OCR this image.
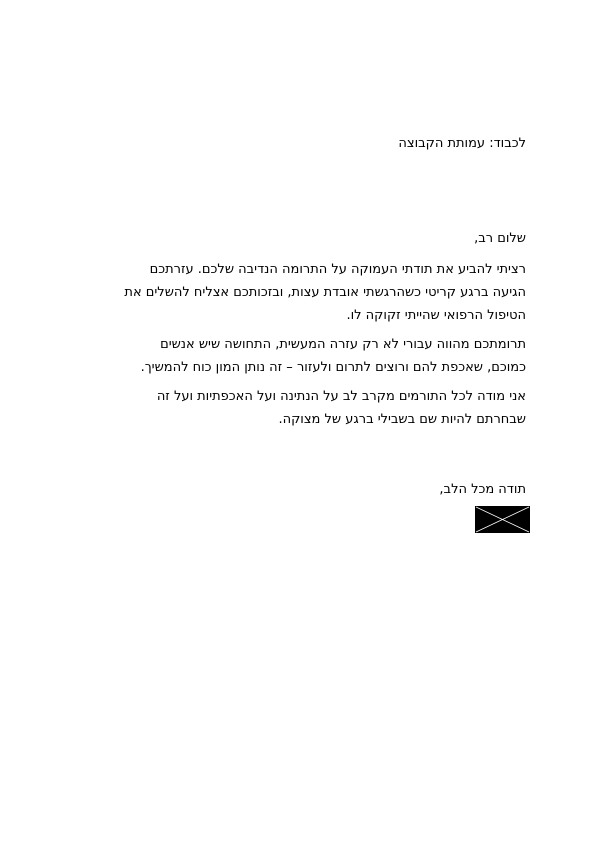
לכבוד: עמותת הקבוצה
שלום רב,

רציתי להביע את תודתי העמוקה על התרומה הנדיבה שלכם. עזרתכם
הגיעה ברגע קריטי כשהרגשתי אובדת עצות, ובזכותכם אצליח להשלים את
הטיפול הרפואי שהייתי זקוקה לו.

תרומתכם מהווה עבורי לא רק עזרה המעשית, התחושה שיש אנשים
כמוכם, שאכפת להם ורוצים לתרום ולעזור – זה נותן המון כוח להמשיך.

אני מודה לכל התורמים מקרב לב על הנתינה ועל האכפתיות ועל זה
שבחרתם להיות שם בשבילי ברגע של מצוקה.

תודה מכל הלב,
